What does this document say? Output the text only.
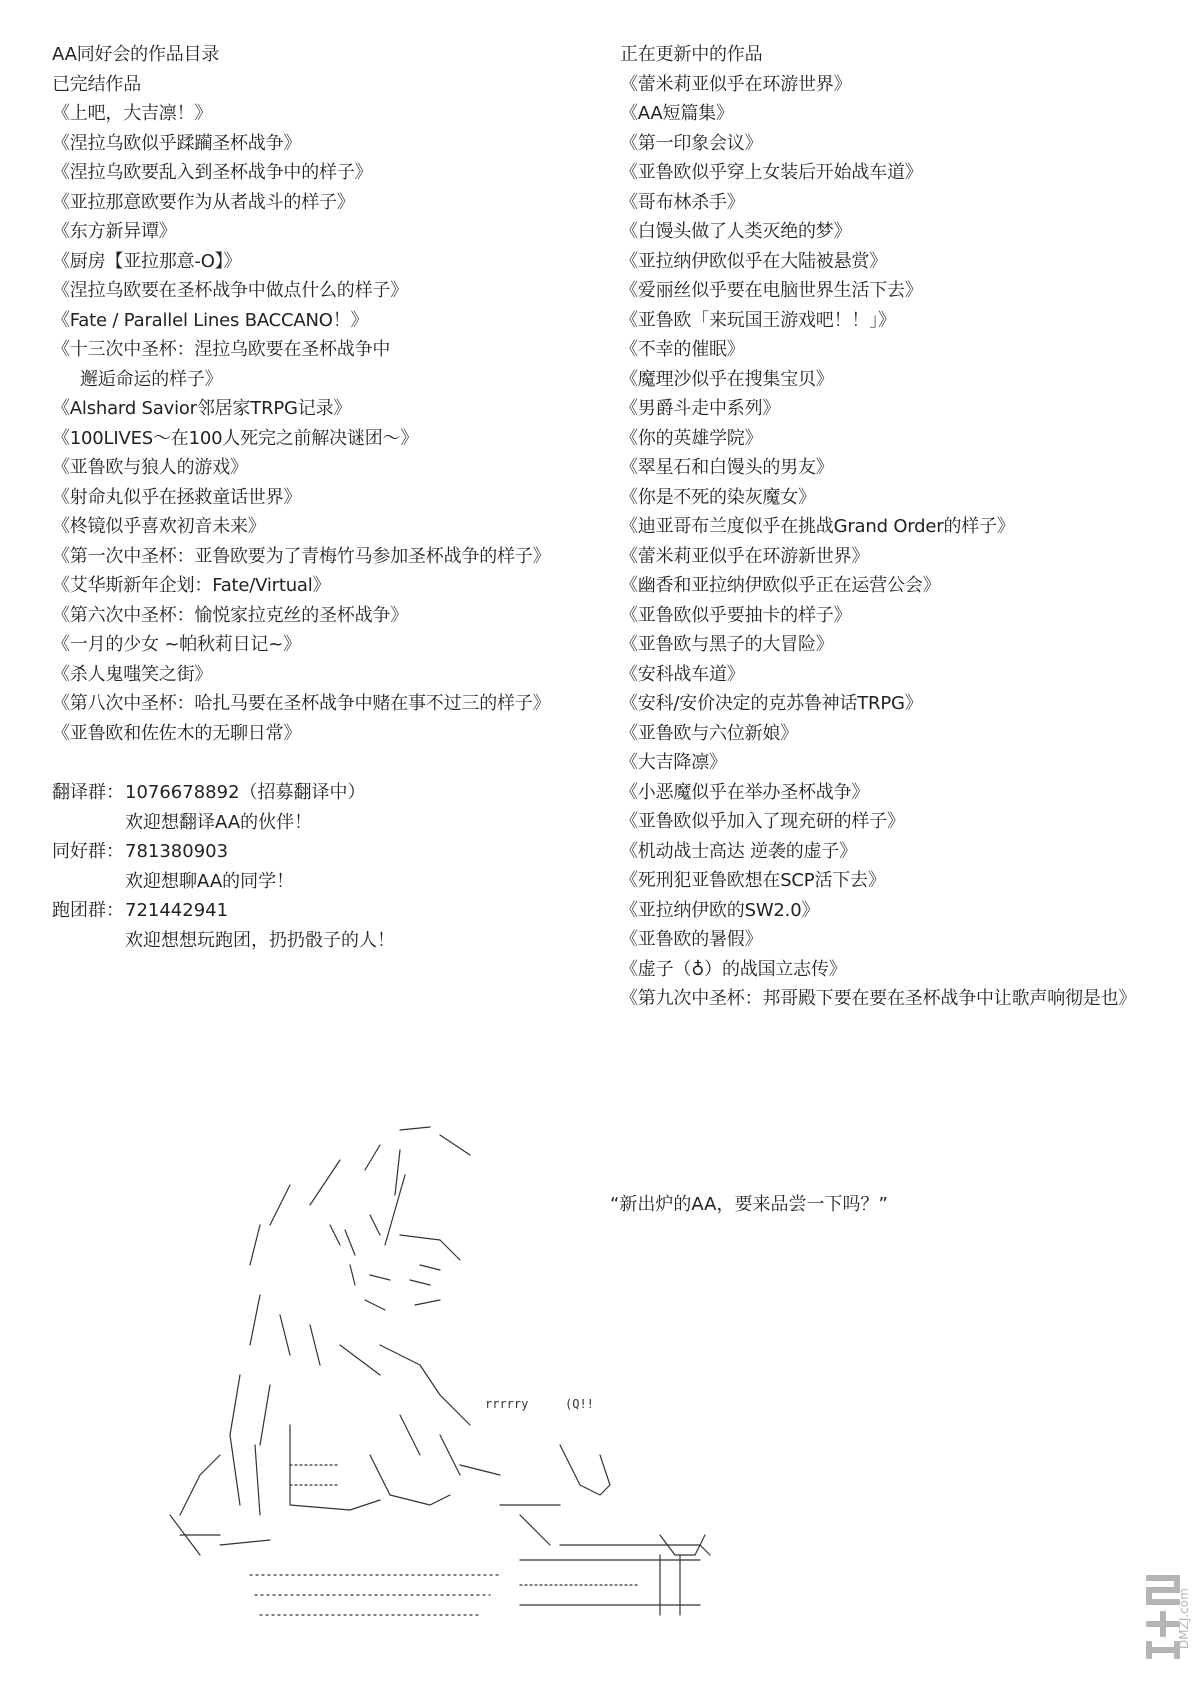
AA同好会的作品目录
已完结作品
《上吧，大吉凛！》
《涅拉乌欧似乎蹂躏圣杯战争》
《涅拉乌欧要乱入到圣杯战争中的样子》
《亚拉那意欧要作为从者战斗的样子》
《东方新异谭》
《厨房【亚拉那意-O】》
《涅拉乌欧要在圣杯战争中做点什么的样子》
《Fate / Parallel Lines BACCANO！》
《十三次中圣杯：涅拉乌欧要在圣杯战争中
邂逅命运的样子》
《Alshard Savior邻居家TRPG记录》
《100LIVES～在100人死完之前解决谜团～》
《亚鲁欧与狼人的游戏》
《射命丸似乎在拯救童话世界》
《柊镜似乎喜欢初音未来》
《第一次中圣杯：亚鲁欧要为了青梅竹马参加圣杯战争的样子》
《艾华斯新年企划：Fate/Virtual》
《第六次中圣杯：愉悦家拉克丝的圣杯战争》
《一月的少女 ~帕秋莉日记~》
《杀人鬼嗤笑之街》
《第八次中圣杯：哈扎马要在圣杯战争中赌在事不过三的样子》
《亚鲁欧和佐佐木的无聊日常》
翻译群： 1076678892（招募翻译中）
欢迎想翻译AA的伙伴！
同好群： 781380903
欢迎想聊AA的同学！
跑团群： 721442941
欢迎想想玩跑团，扔扔骰子的人！
正在更新中的作品
《蕾米莉亚似乎在环游世界》
《AA短篇集》
《第一印象会议》
《亚鲁欧似乎穿上女装后开始战车道》
《哥布林杀手》
《白馒头做了人类灭绝的梦》
《亚拉纳伊欧似乎在大陆被悬赏》
《爱丽丝似乎要在电脑世界生活下去》
《亚鲁欧「来玩国王游戏吧！！」》
《不幸的催眠》
《魔理沙似乎在搜集宝贝》
《男爵斗走中系列》
《你的英雄学院》
《翠星石和白馒头的男友》
《你是不死的染灰魔女》
《迪亚哥布兰度似乎在挑战Grand Order的样子》
《蕾米莉亚似乎在环游新世界》
《幽香和亚拉纳伊欧似乎正在运营公会》
《亚鲁欧似乎要抽卡的样子》
《亚鲁欧与黑子的大冒险》
《安科战车道》
《安科/安价决定的克苏鲁神话TRPG》
《亚鲁欧与六位新娘》
《大吉降凛》
《小恶魔似乎在举办圣杯战争》
《亚鲁欧似乎加入了现充研的样子》
《机动战士高达 逆袭的虚子》
《死刑犯亚鲁欧想在SCP活下去》
《亚拉纳伊欧的SW2.0》
《亚鲁欧的暑假》
《虚子（♁）的战国立志传》
《第九次中圣杯：邦哥殿下要在要在圣杯战争中让歌声响彻是也》
rrrrry	(Q!!
“新出炉的AA，要来品尝一下吗？”
DMZJ.com
